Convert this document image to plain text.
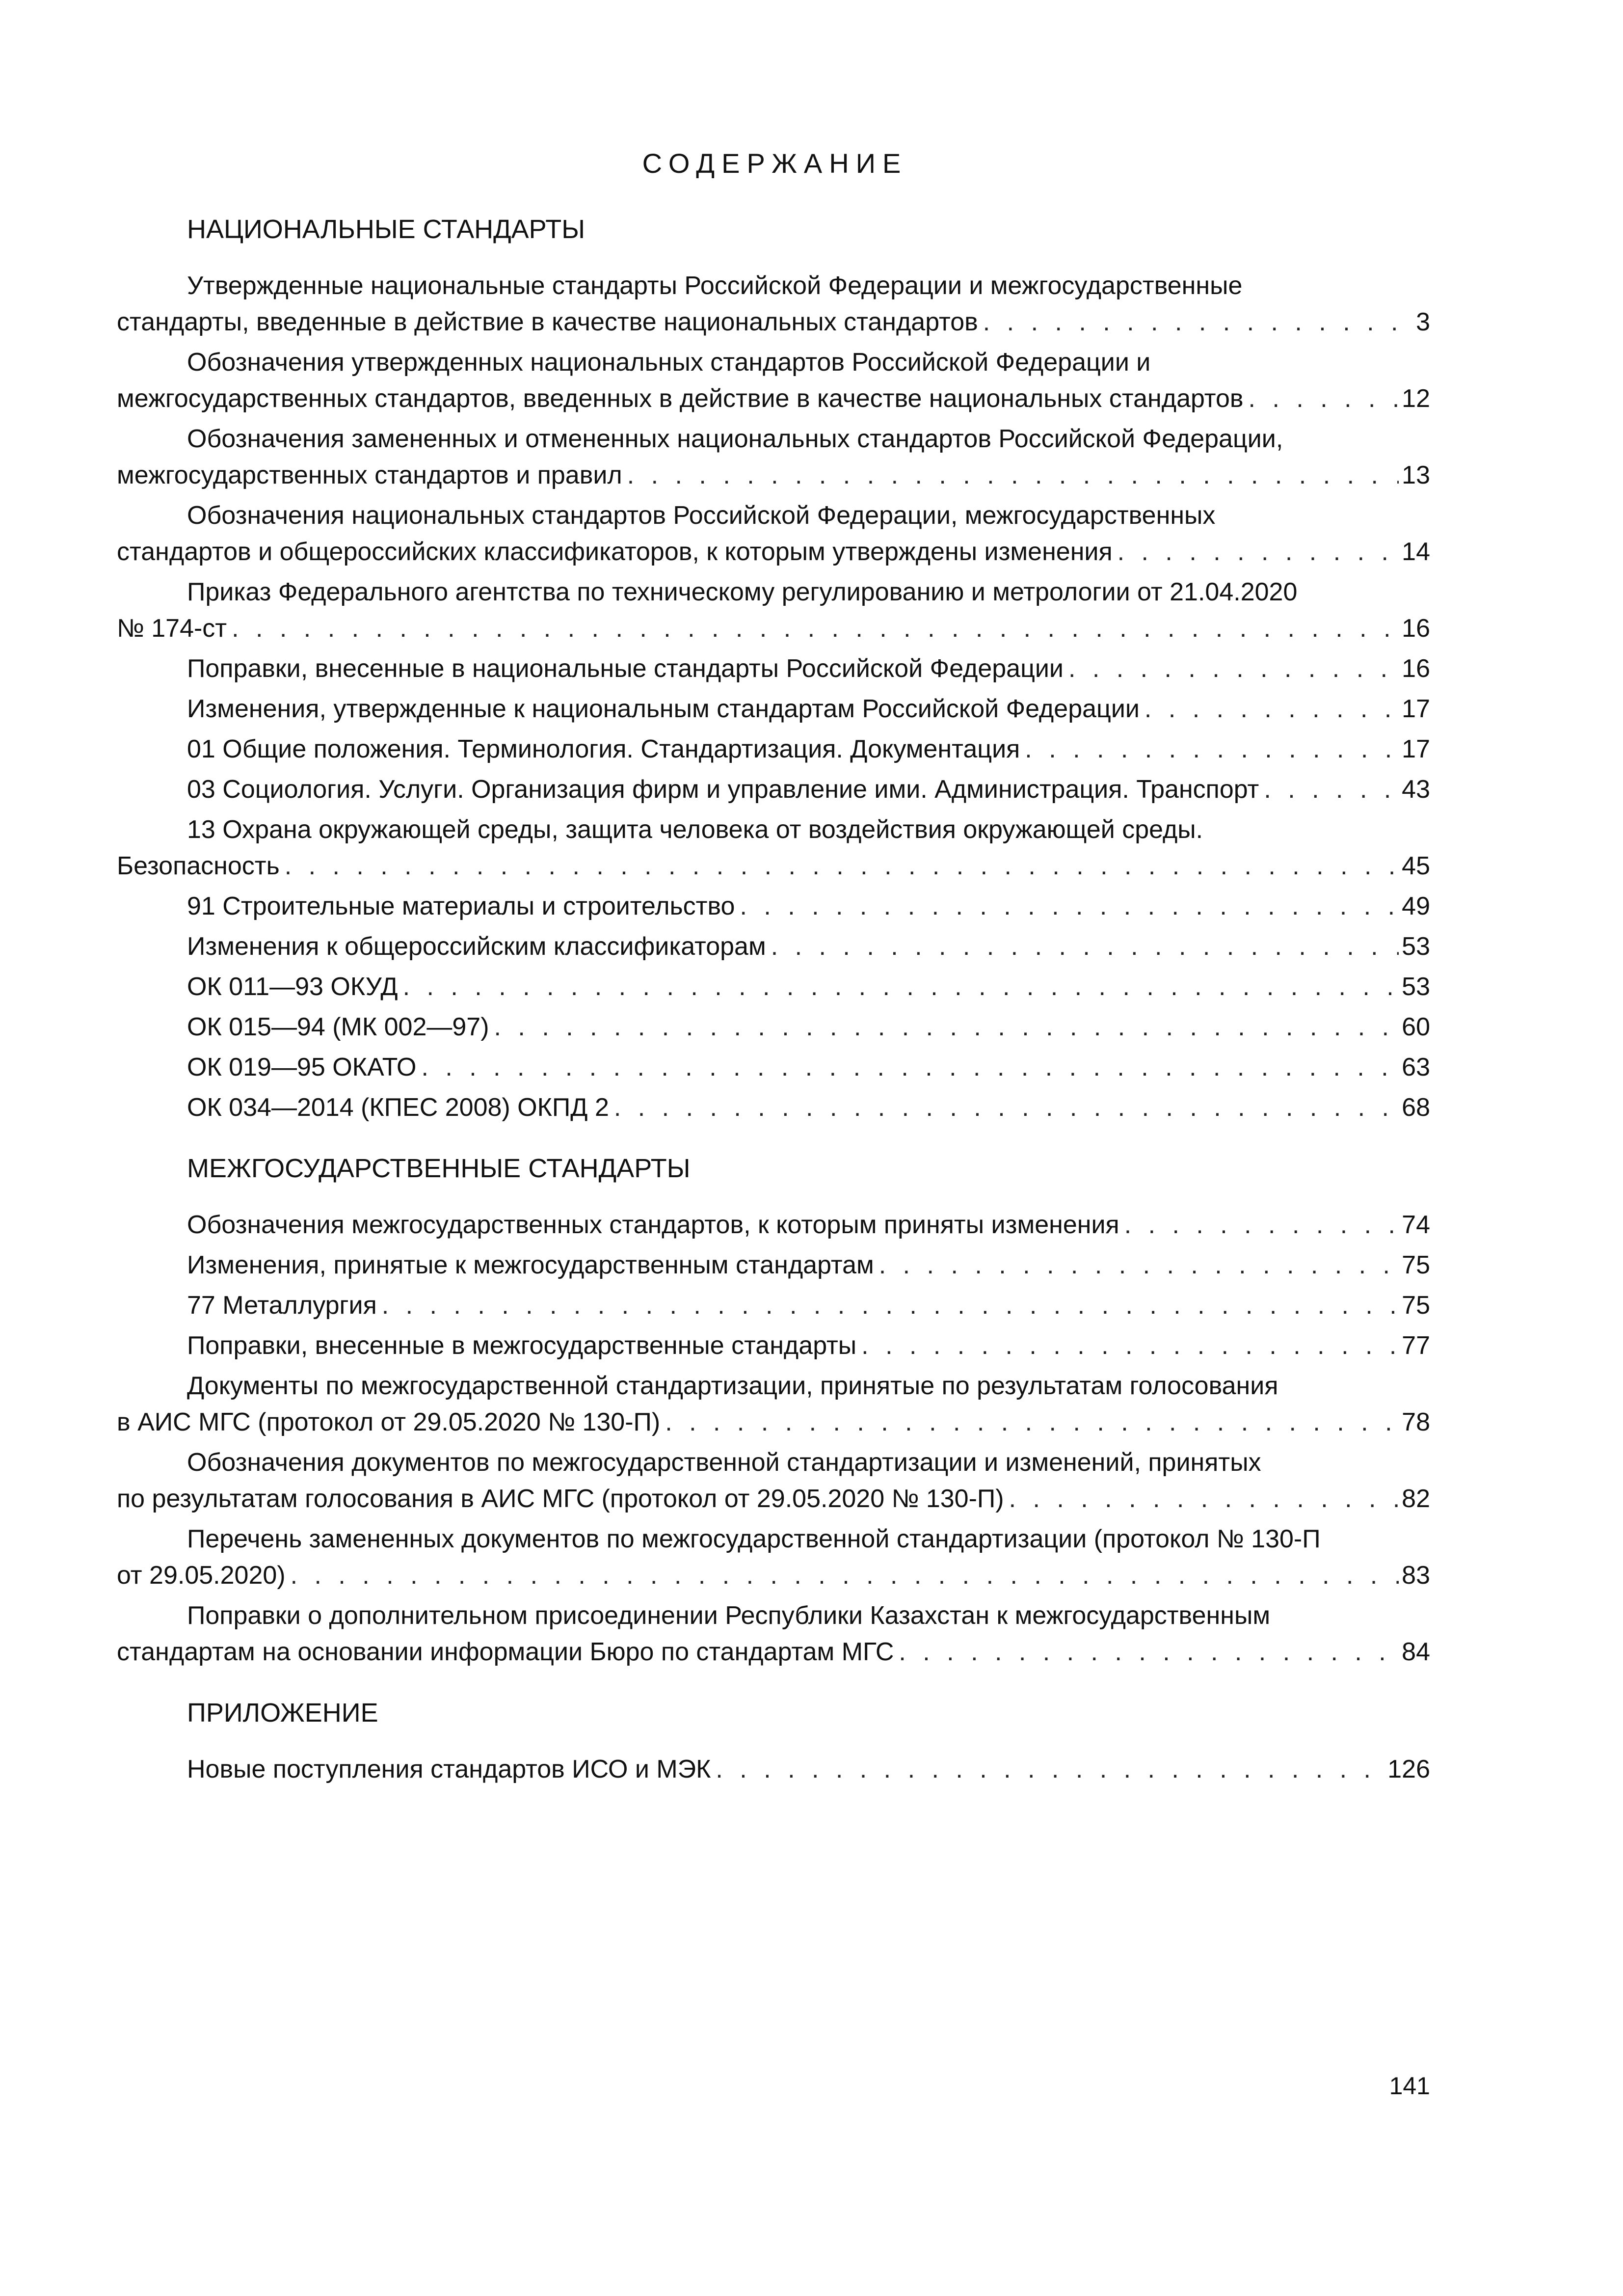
СОДЕРЖАНИЕ
НАЦИОНАЛЬНЫЕ СТАНДАРТЫ
Утвержденные национальные стандарты Российской Федерации и межгосударственные
стандарты, введенные в действие в качестве национальных стандартов . . .	3
Обозначения утвержденных национальных стандартов Российской Федерации и
межгосударственных стандартов, введенных в действие в качестве национальных стандартов . . .	12
Обозначения замененных и отмененных национальных стандартов Российской Федерации,
межгосударственных стандартов и правил . . .	13
Обозначения национальных стандартов Российской Федерации, межгосударственных
стандартов и общероссийских классификаторов, к которым утверждены изменения . . .	14
Приказ Федерального агентства по техническому регулированию и метрологии от 21.04.2020
№ 174-ст . . .	16
Поправки, внесенные в национальные стандарты Российской Федерации . . .	16
Изменения, утвержденные к национальным стандартам Российской Федерации . . .	17
01 Общие положения. Терминология. Стандартизация. Документация . . .	17
03 Социология. Услуги. Организация фирм и управление ими. Администрация. Транспорт . . .	43
13 Охрана окружающей среды, защита человека от воздействия окружающей среды.
Безопасность . . .	45
91 Строительные материалы и строительство . . .	49
Изменения к общероссийским классификаторам . . .	53
ОК 011—93 ОКУД . . .	53
ОК 015—94 (МК 002—97) . . .	60
ОК 019—95 ОКАТО . . .	63
ОК 034—2014 (КПЕС 2008) ОКПД 2 . . .	68
МЕЖГОСУДАРСТВЕННЫЕ СТАНДАРТЫ
Обозначения межгосударственных стандартов, к которым приняты изменения . . .	74
Изменения, принятые к межгосударственным стандартам . . .	75
77 Металлургия . . .	75
Поправки, внесенные в межгосударственные стандарты . . .	77
Документы по межгосударственной стандартизации, принятые по результатам голосования
в АИС МГС (протокол от 29.05.2020 № 130-П) . . .	78
Обозначения документов по межгосударственной стандартизации и изменений, принятых
по результатам голосования в АИС МГС (протокол от 29.05.2020 № 130-П) . . .	82
Перечень замененных документов по межгосударственной стандартизации (протокол № 130-П
от 29.05.2020) . . .	83
Поправки о дополнительном присоединении Республики Казахстан к межгосударственным
стандартам на основании информации Бюро по стандартам МГС . . .	84
ПРИЛОЖЕНИЕ
Новые поступления стандартов ИСО и МЭК . . .	126
141
